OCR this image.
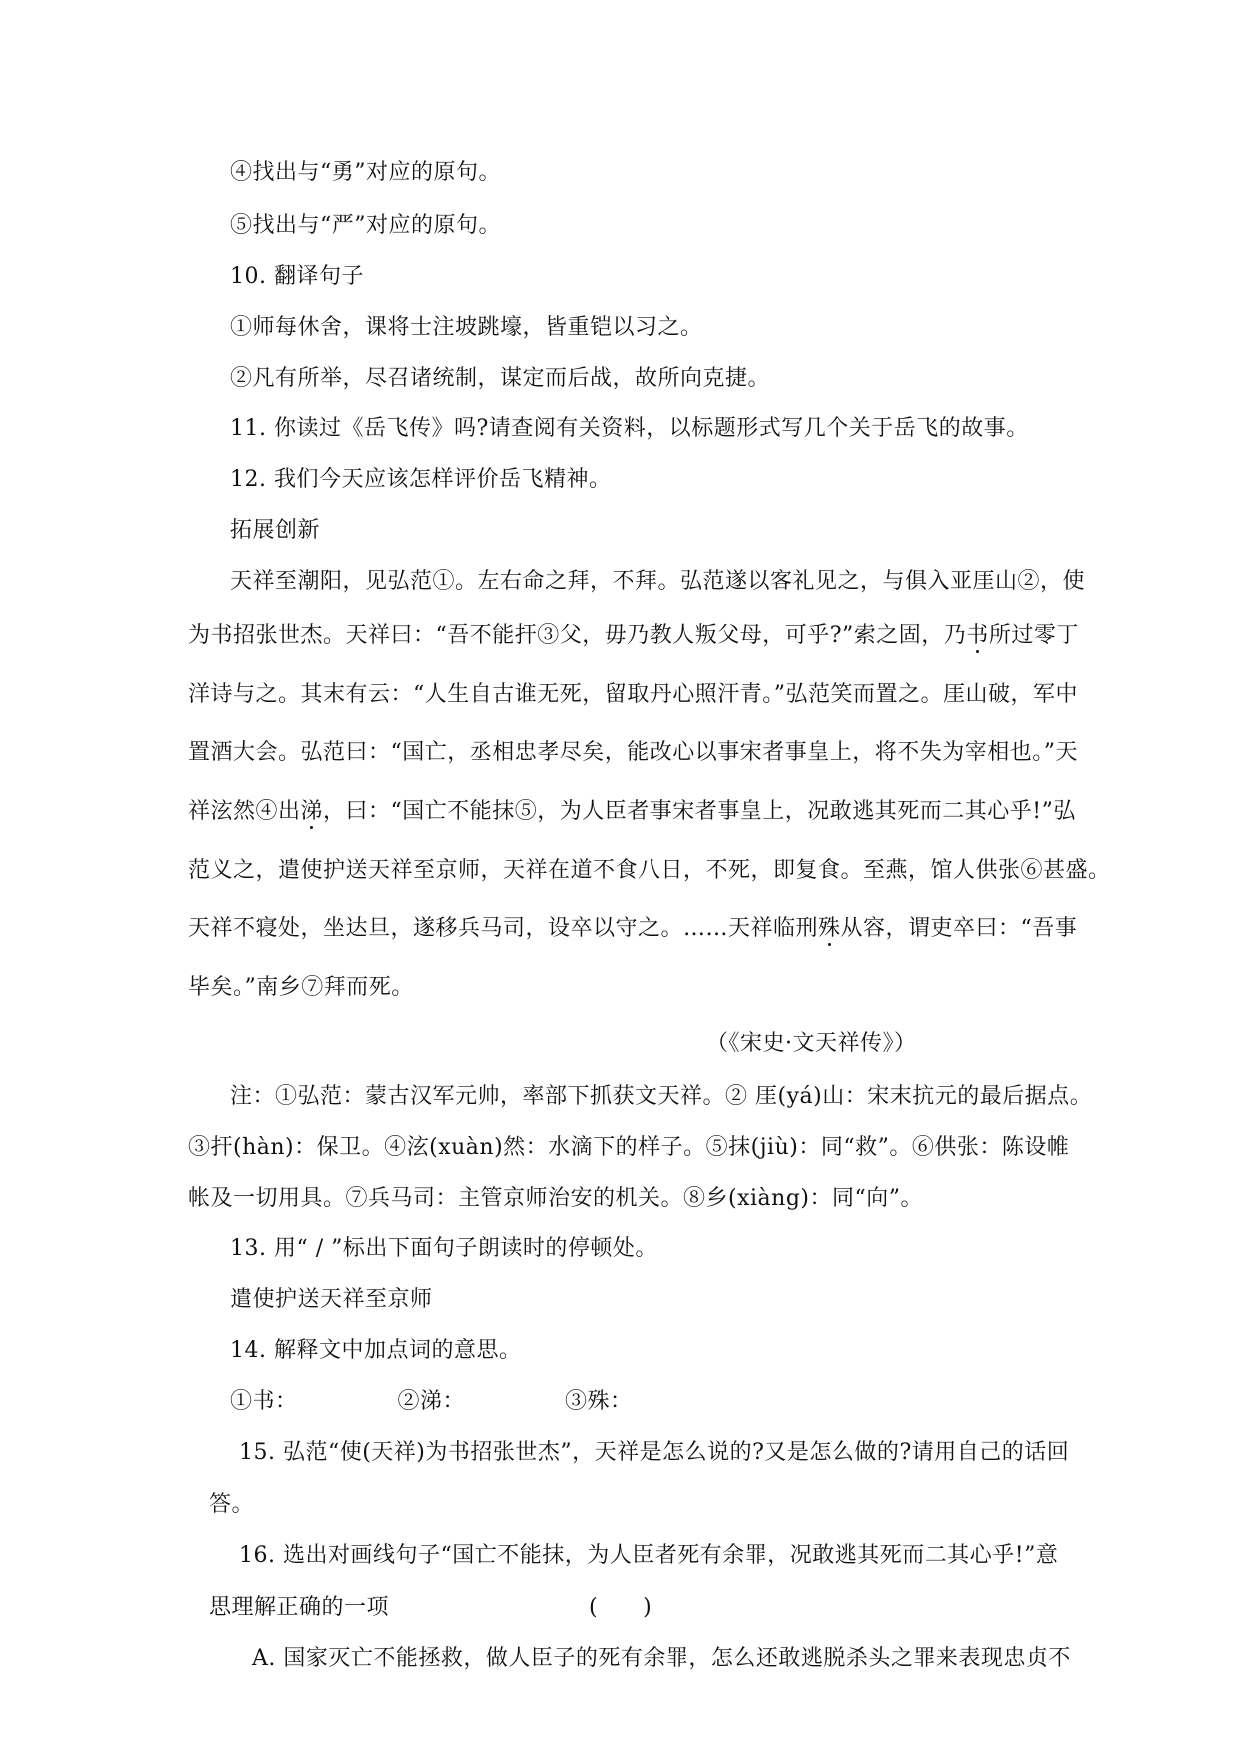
④找出与“勇”对应的原句。
⑤找出与“严”对应的原句。
10. 翻译句子
①师每休舍，课将士注坡跳壕，皆重铠以习之。
②凡有所举，尽召诸统制，谋定而后战，故所向克捷。
11. 你读过《岳飞传》吗?请查阅有关资料，以标题形式写几个关于岳飞的故事。
12. 我们今天应该怎样评价岳飞精神。
拓展创新
天祥至潮阳，见弘范①。左右命之拜，不拜。弘范遂以客礼见之，与俱入亚厓山②，使
为书招张世杰。天祥曰：“吾不能扞③父，毋乃教人叛父母，可乎?”索之固，乃书所过零丁
洋诗与之。其末有云：“人生自古谁无死，留取丹心照汗青。”弘范笑而置之。厓山破，军中
置酒大会。弘范曰：“国亡，丞相忠孝尽矣，能改心以事宋者事皇上，将不失为宰相也。”天
祥泫然④出涕，曰：“国亡不能抹⑤，为人臣者事宋者事皇上，况敢逃其死而二其心乎!”弘
范义之，遣使护送天祥至京师，天祥在道不食八日，不死，即复食。至燕，馆人供张⑥甚盛。
天祥不寝处，坐达旦，遂移兵马司，设卒以守之。……天祥临刑殊从容，谓吏卒曰：“吾事
毕矣。”南乡⑦拜而死。
（《宋史·文天祥传》）
注：①弘范：蒙古汉军元帅，率部下抓获文天祥。② 厓(yá)山：宋末抗元的最后据点。
③扞(hàn)：保卫。④泫(xuàn)然：水滴下的样子。⑤抹(jiù)：同“救”。⑥供张：陈设帷
帐及一切用具。⑦兵马司：主管京师治安的机关。⑧乡(xiàng)：同“向”。
13. 用“ / ”标出下面句子朗读时的停顿处。
遣使护送天祥至京师
14. 解释文中加点词的意思。
①书：	②涕：	③殊：
15. 弘范“使(天祥)为书招张世杰”，天祥是怎么说的?又是怎么做的?请用自己的话回
答。
16. 选出对画线句子“国亡不能抹，为人臣者死有余罪，况敢逃其死而二其心乎!”意
思理解正确的一项	(　　)
A. 国家灭亡不能拯救，做人臣子的死有余罪，怎么还敢逃脱杀头之罪来表现忠贞不
